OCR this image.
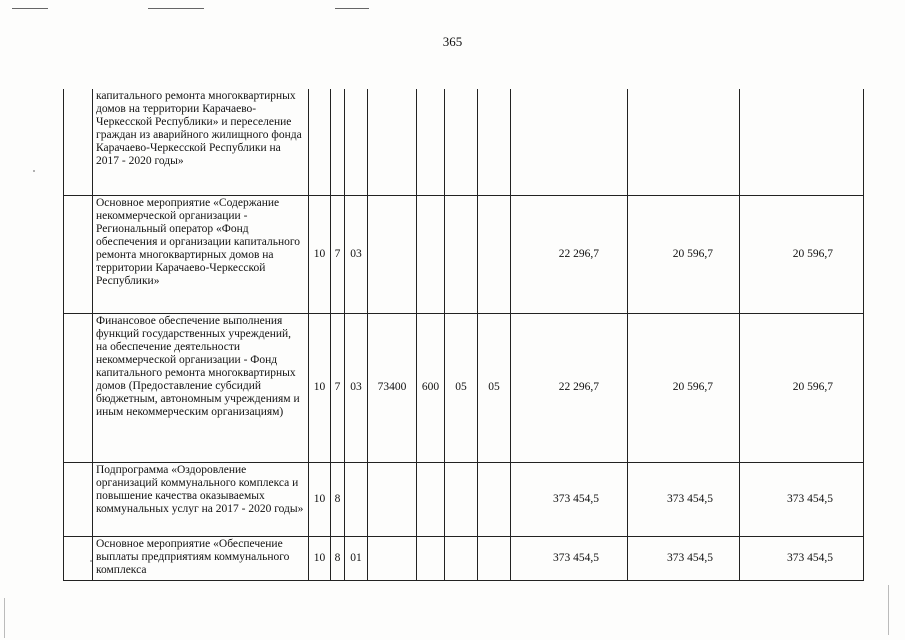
365
	капитального ремонта многоквартирных домов на территории Карачаево-Черкесской Республики» и переселение граждан из аварийного жилищного фонда Карачаево-Черкесской Республики на 2017 - 2020 годы»										
	Основное мероприятие «Содержание некоммерческой организации - Региональный оператор «Фонд обеспечения и организации капитального ремонта многоквартирных домов на территории Карачаево-Черкесской Республики»	10	7	03					22 296,7	20 596,7	20 596,7
	Финансовое обеспечение выполнения функций государственных учреждений, на обеспечение деятельности некоммерческой организации - Фонд капитального ремонта многоквартирных домов (Предоставление субсидий бюджетным, автономным учреждениям и иным некоммерческим организациям)	10	7	03	73400	600	05	05	22 296,7	20 596,7	20 596,7
	Подпрограмма «Оздоровление организаций коммунального комплекса и повышение качества оказываемых коммунальных услуг на 2017 - 2020 годы»	10	8						373 454,5	373 454,5	373 454,5
	Основное мероприятие «Обеспечение выплаты предприятиям коммунального комплекса	10	8	01					373 454,5	373 454,5	373 454,5
